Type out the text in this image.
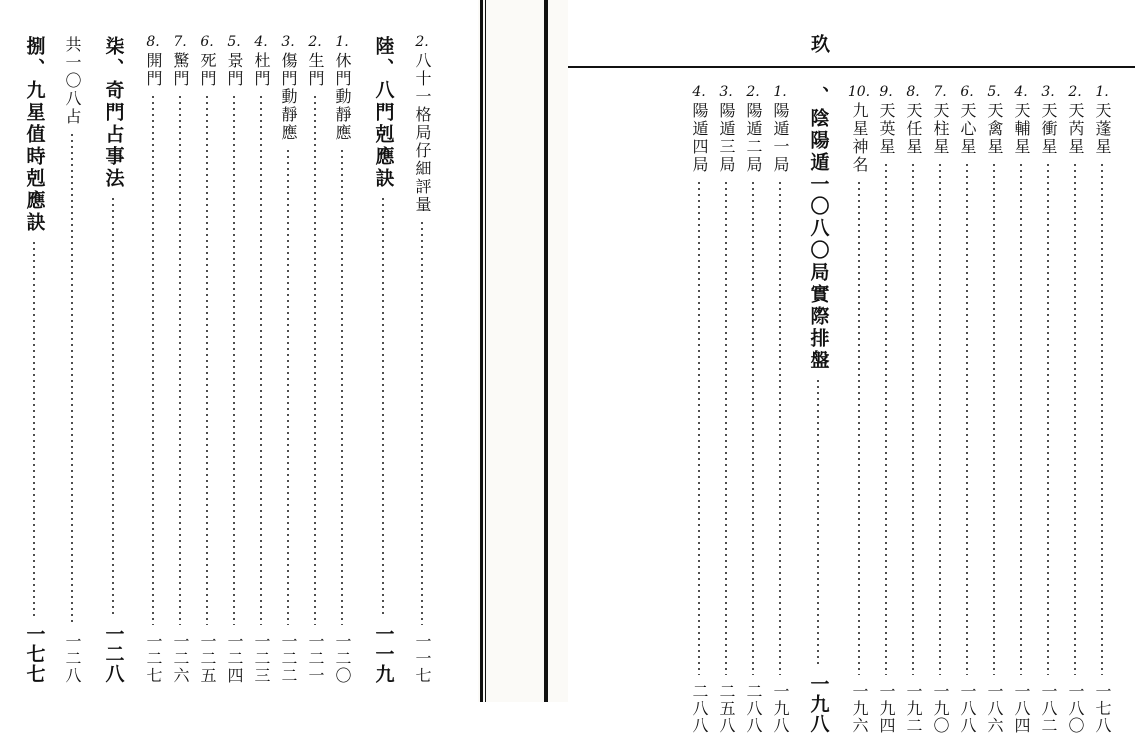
玖
2.
八十一格局仔細評量
一一七
陸、八門剋應訣
一一九
1.
休門動靜應
一二〇
2.
生門
一二一
3.
傷門動靜應
一二二
4.
杜門
一二三
5.
景門
一二四
6.
死門
一二五
7.
驚門
一二六
8.
開門
一二七
柒、奇門占事法
一二八
共一〇八占
一二八
捌、九星值時剋應訣
一七七
1.
天蓬星
一七八
2.
天芮星
一八〇
3.
天衝星
一八二
4.
天輔星
一八四
5.
天禽星
一八六
6.
天心星
一八八
7.
天柱星
一九〇
8.
天任星
一九二
9.
天英星
一九四
10.
九星神名
一九六
、陰陽遁一〇八〇局實際排盤
一九八
1.
陽遁一局
一九八
2.
陽遁二局
二八八
3.
陽遁三局
二五八
4.
陽遁四局
二八八
